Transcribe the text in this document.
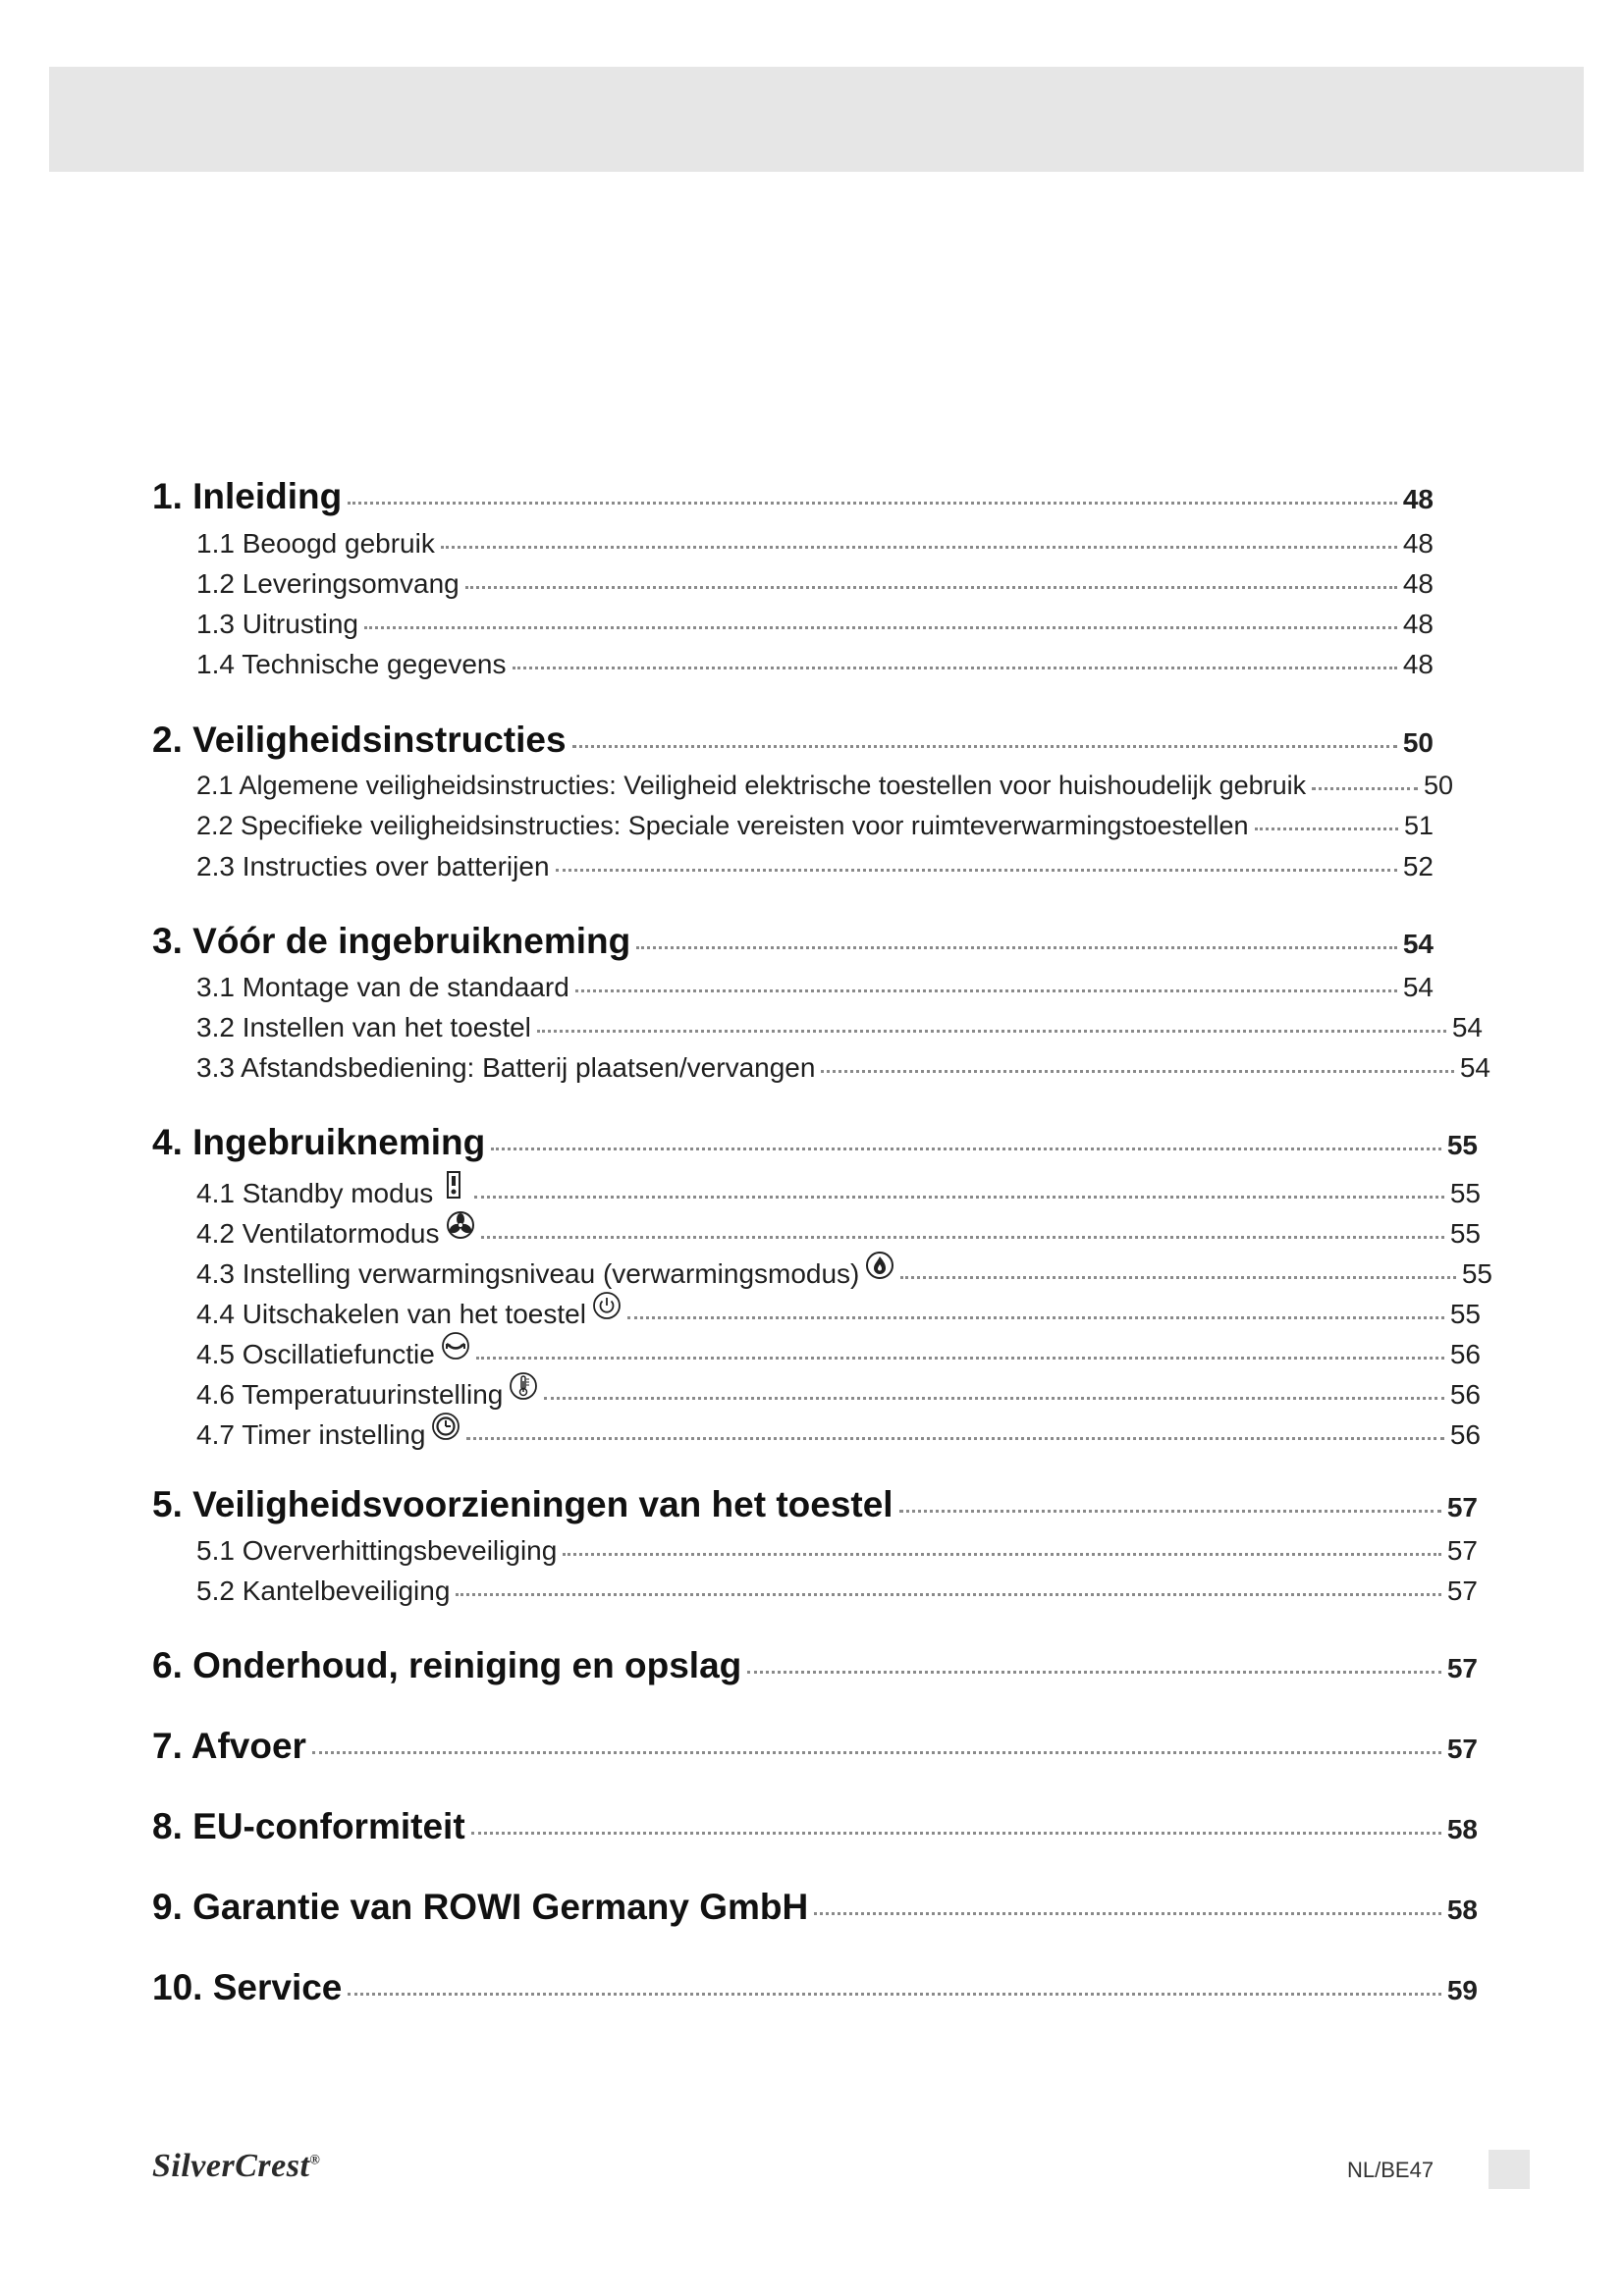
1. Inleiding	48
1.1 Beoogd gebruik	48
1.2 Leveringsomvang	48
1.3 Uitrusting	48
1.4 Technische gegevens	48
2. Veiligheidsinstructies	50
2.1 Algemene veiligheidsinstructies: Veiligheid elektrische toestellen voor huishoudelijk gebruik	50
2.2 Specifieke veiligheidsinstructies: Speciale vereisten voor ruimteverwarmingstoestellen	51
2.3 Instructies over batterijen	52
3. Vóór de ingebruikneming	54
3.1 Montage van de standaard	54
3.2 Instellen van het toestel	54
3.3 Afstandsbediening: Batterij plaatsen/vervangen	54
4. Ingebruikneming	55
4.1 Standby modus	55
4.2 Ventilatormodus	55
4.3 Instelling verwarmingsniveau (verwarmingsmodus)	55
4.4 Uitschakelen van het toestel	55
4.5 Oscillatiefunctie	56
4.6 Temperatuurinstelling	56
4.7 Timer instelling	56
5. Veiligheidsvoorzieningen van het toestel	57
5.1 Oververhittingsbeveiliging	57
5.2 Kantelbeveiliging	57
6. Onderhoud, reiniging en opslag	57
7. Afvoer	57
8. EU-conformiteit	58
9. Garantie van ROWI Germany GmbH	58
10. Service	59
SilverCrest®	NL/BE47
